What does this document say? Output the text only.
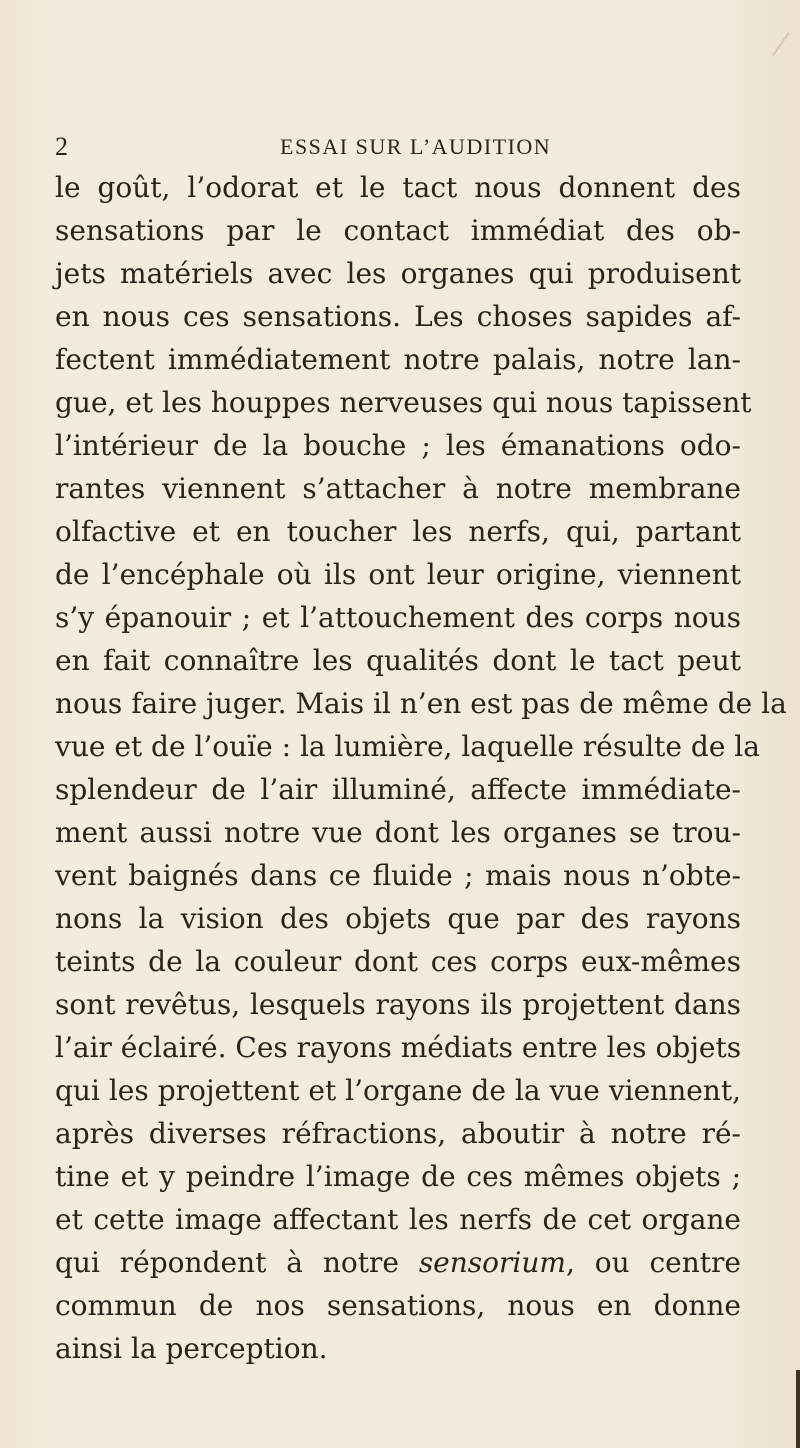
2	ESSAI SUR L’AUDITION
le goût, l’odorat et le tact nous donnent des
sensations par le contact immédiat des ob-
jets matériels avec les organes qui produisent
en nous ces sensations. Les choses sapides af-
fectent immédiatement notre palais, notre lan-
gue, et les houppes nerveuses qui nous tapissent
l’intérieur de la bouche ; les émanations odo-
rantes viennent s’attacher à notre membrane
olfactive et en toucher les nerfs, qui, partant
de l’encéphale où ils ont leur origine, viennent
s’y épanouir ; et l’attouchement des corps nous
en fait connaître les qualités dont le tact peut
nous faire juger. Mais il n’en est pas de même de la
vue et de l’ouïe : la lumière, laquelle résulte de la
splendeur de l’air illuminé, affecte immédiate-
ment aussi notre vue dont les organes se trou-
vent baignés dans ce fluide ; mais nous n’obte-
nons la vision des objets que par des rayons
teints de la couleur dont ces corps eux-mêmes
sont revêtus, lesquels rayons ils projettent dans
l’air éclairé. Ces rayons médiats entre les objets
qui les projettent et l’organe de la vue viennent,
après diverses réfractions, aboutir à notre ré-
tine et y peindre l’image de ces mêmes objets ;
et cette image affectant les nerfs de cet organe
qui répondent à notre sensorium, ou centre
commun de nos sensations, nous en donne
ainsi la perception.
